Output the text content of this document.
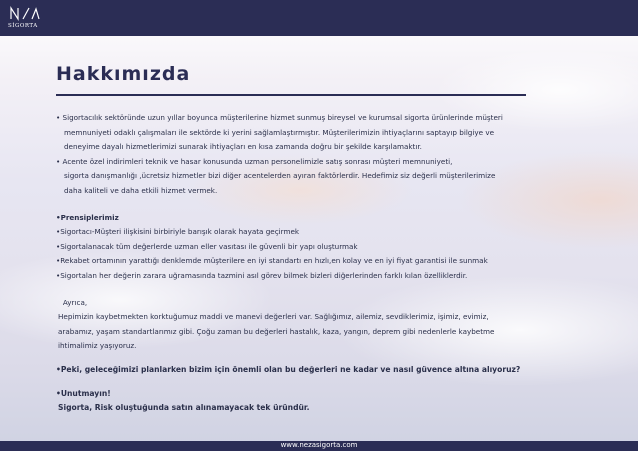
SİGORTA
Hakkımızda

• Sigortacılık sektöründe uzun yıllar boyunca müşterilerine hizmet sunmuş bireysel ve kurumsal sigorta ürünlerinde müşteri

memnuniyeti odaklı çalışmaları ile sektörde ki yerini sağlamlaştırmıştır. Müşterilerimizin ihtiyaçlarını saptayıp bilgiye ve

deneyime dayalı hizmetlerimizi sunarak ihtiyaçları en kısa zamanda doğru bir şekilde karşılamaktır.

• Acente özel indirimleri teknik ve hasar konusunda uzman personelimizle satış sonrası müşteri memnuniyeti,

sigorta danışmanlığı ,ücretsiz hizmetler bizi diğer acentelerden ayıran faktörlerdir. Hedefimiz siz değerli müşterilerimize

daha kaliteli ve daha etkili hizmet vermek.

•Prensiplerimiz

•Sigortacı-Müşteri ilişkisini birbiriyle barışık olarak hayata geçirmek

•Sigortalanacak tüm değerlerde uzman eller vasıtası ile güvenli bir yapı oluşturmak

•Rekabet ortamının yarattığı denklemde müşterilere en iyi standartı en hızlı,en kolay ve en iyi fiyat garantisi ile sunmak

•Sigortalan her değerin zarara uğramasında tazmini asıl görev bilmek bizleri diğerlerinden farklı kılan özelliklerdir.

Ayrıca,

Hepimizin kaybetmekten korktuğumuz maddi ve manevi değerleri var. Sağlığımız, ailemiz, sevdiklerimiz, işimiz, evimiz,

arabamız, yaşam standartlarımız gibi. Çoğu zaman bu değerleri hastalık, kaza, yangın, deprem gibi nedenlerle kaybetme

ihtimalimiz yaşıyoruz.

•Peki, geleceğimizi planlarken bizim için önemli olan bu değerleri ne kadar ve nasıl güvence altına alıyoruz?

•Unutmayın!

Sigorta, Risk oluştuğunda satın alınamayacak tek üründür.

www.nezasigorta.com
